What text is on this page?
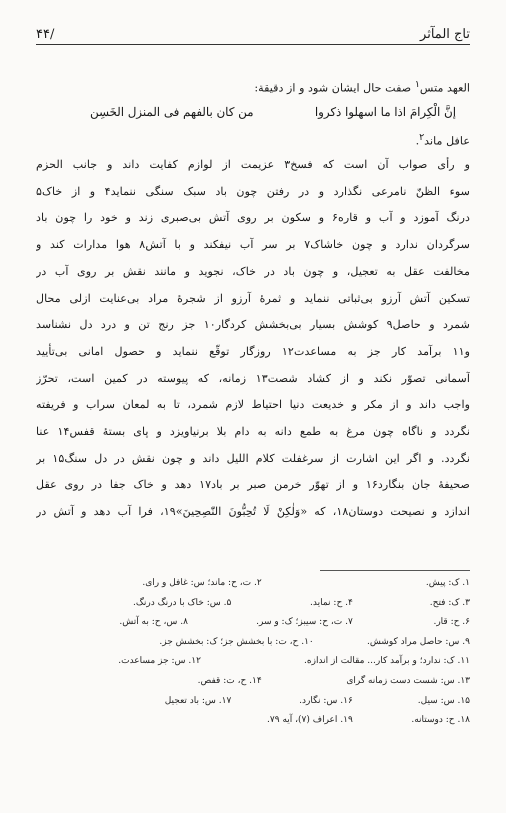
تاج المآثر
/۴۴
العهد متس$^۱$ صفت حال ایشان شود و از دقیقة:
إنَّ الْکِرامَ اذا ما اسهلوا ذکروا
من کان بالفهم فی المنزل الخَسِن
عافل ماند$^۲$.
و رأی صواب آن است که فسخ۳ عزیمت از لوازم کفایت داند و جانب الحزم
سوء الظنّ نامرعی نگذارد و در رفتن چون باد سبک سنگی ننماید۴ و از خاک۵
درنگ آموزد و آب و قاره۶ و سکون بر روی آتش بی‌صبری زند و خود را چون باد
سرگردان ندارد و چون خاشاک۷ بر سر آب نیفکند و با آتش۸ هوا مدارات کند و
مخالفت عقل به تعجیل، و چون باد در خاک، نجوید و مانند نقش بر روی آب در
تسکین آتش آرزو بی‌ثباتی ننماید و ثمرهٔ آرزو از شجرهٔ مراد بی‌عنایت ازلی محال
شمرد و حاصل۹ کوشش بسیار بی‌بخشش کردگار۱۰ جز رنج تن و درد دل نشناسد
و۱۱ برآمد کار جز به مساعدت۱۲ روزگار توقّع ننماید و حصول امانی بی‌تأیید
آسمانی تصوّر نکند و از کشاد شصت۱۳ زمانه، که پیوسته در کمین است، تحرّز
واجب داند و از مکر و خدیعت دنیا احتیاط لازم شمرد، تا به لمعان سراب و فریفته
نگردد و ناگاه چون مرغ به طمع دانه به دام بلا برنیاویزد و پای بستهٔ قفس۱۴ عنا
نگردد. و اگر این اشارت از سرغفلت کلام اللیل داند و چون نقش در دل سنگ۱۵ بر
صحیفهٔ جان بنگارد۱۶ و از تهوّر خرمن صبر بر باد۱۷ دهد و خاک جفا در روی عقل
اندازد و نصیحت دوستان۱۸، که «وَلٰکِنْ لَا تُحِبُّونَ النّٰصِحِینَ»۱۹، فرا آب دهد و آتش در
۱. ک: پیش.
۲. ت، ح: ماند؛ س: غافل و رای.
۳. ک: فتح.
۴. ح: نماید.
۵. س: خاک با درنگ درنگ.
۶. ح: قار.
۷. ت، ح: سیبز؛ ک: و سر.
۸. س، ح: به آتش.
۹. س: حاصل مراد کوشش.
۱۰. ح، ت: با بخشش جز؛ ک: بخشش جز.
۱۱. ک: ندارد؛ و برآمد کار... مقالت از اندازه.
۱۲. س: جز مساعدت.
۱۳. س: شست دست زمانه گرای
۱۴. ح، ت: قفص.
۱۵. س: سیل.
۱۶. س: نگارد.
۱۷. س: باد تعجیل
۱۸. ح: دوستانه.
۱۹. اعراف (۷)، آیه ۷۹.
